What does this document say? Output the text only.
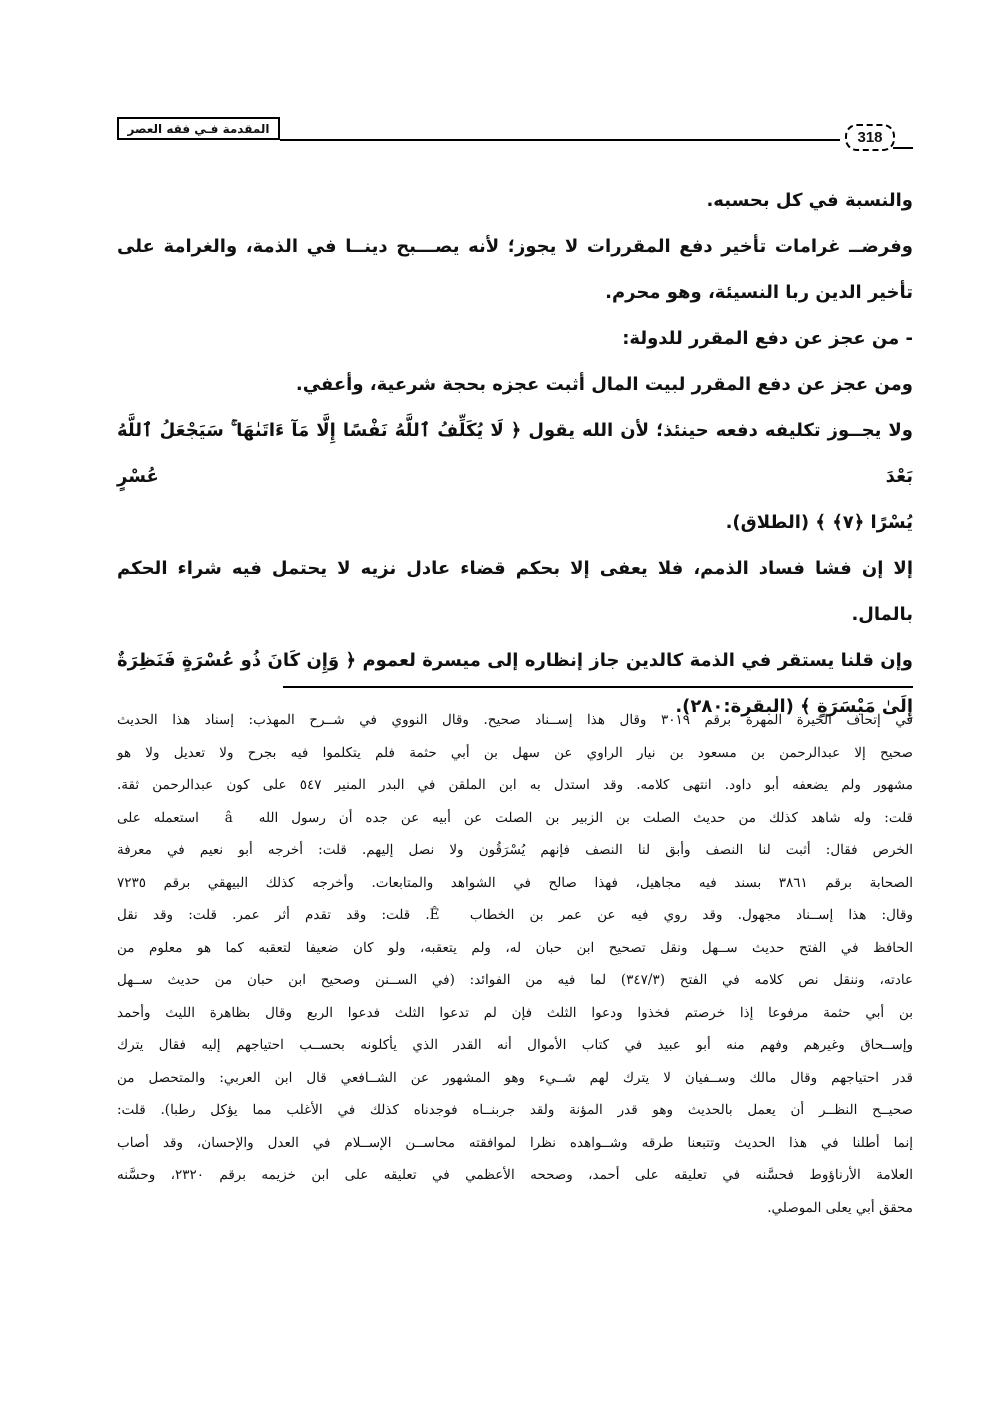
المقدمة فـي فقه العصر	318
والنسبة في كل بحسبه.
وفرضــ غرامات تأخير دفع المقررات لا يجوز؛ لأنه يصـــبح دينــا في الذمة، والغرامة على
تأخير الدين ربا النسيئة، وهو محرم.
- من عجز عن دفع المقرر للدولة:
ومن عجز عن دفع المقرر لبيت المال أثبت عجزه بحجة شرعية، وأعفي.
ولا يجــوز تكليفه دفعه حينئذ؛ لأن الله يقول ﴿ لَا يُكَلِّفُ ٱللَّهُ نَفْسًا إِلَّا مَآ ءَاتَىٰهَا ۚ سَيَجْعَلُ ٱللَّهُ بَعْدَ عُسْرٍ
يُسْرًا ﴿٧﴾ ﴾ (الطلاق).
إلا إن فشا فساد الذمم، فلا يعفى إلا بحكم قضاء عادل نزيه لا يحتمل فيه شراء الحكم بالمال.
وإن قلنا يستقر في الذمة كالدين جاز إنظاره إلى ميسرة لعموم ﴿ وَإِن كَانَ ذُو عُسْرَةٍ فَنَظِرَةٌ
إِلَىٰ مَيْسَرَةٍ ﴾ (البقرة:٢٨٠).
في إتحاف الخيرة المهرة برقم ٣٠١٩ وقال هذا إســناد صحيح. وقال النووي في شــرح المهذب: إسناد هذا الحديث
صحيح إلا عبدالرحمن بن مسعود بن نيار الراوي عن سهل بن أبي حثمة فلم يتكلموا فيه بجرح ولا تعديل ولا هو
مشهور ولم يضعفه أبو داود. انتهى كلامه. وقد استدل به ابن الملقن في البدر المنير ٥٤٧ على كون عبدالرحمن ثقة.
قلت: وله شاهد كذلك من حديث الصلت بن الزبير بن الصلت عن أبيه عن جده أن رسول الله ‏ â ‏ استعمله على
الخرص فقال: أثبت لنا النصف وأبق لنا النصف فإنهم يُسْرَقُون ولا نصل إليهم. قلت: أخرجه أبو نعيم في معرفة
الصحابة برقم ٣٨٦١ بسند فيه مجاهيل، فهذا صالح في الشواهد والمتابعات. وأخرجه كذلك البيهقي برقم ٧٢٣٥
وقال: هذا إســناد مجهول. وقد روي فيه عن عمر بن الخطاب ‏ Ê‏. قلت: وقد تقدم أثر عمر. قلت: وقد نقل
الحافظ في الفتح حديث ســهل ونقل تصحيح ابن حبان له، ولم يتعقبه، ولو كان ضعيفا لتعقبه كما هو معلوم من
عادته، وننقل نص كلامه في الفتح (٣٤٧/٣) لما فيه من الفوائد: (في الســنن وصحيح ابن حبان من حديث ســهل
بن أبي حثمة مرفوعا إذا خرصتم فخذوا ودعوا الثلث فإن لم تدعوا الثلث فدعوا الربع وقال بظاهرة الليث وأحمد
وإســحاق وغيرهم وفهم منه أبو عبيد في كتاب الأموال أنه القدر الذي يأكلونه بحســب احتياجهم إليه فقال يترك
قدر احتياجهم وقال مالك وســفيان لا يترك لهم شــيء وهو المشهور عن الشــافعي قال ابن العربي: والمتحصل من
صحيــح النظــر أن يعمل بالحديث وهو قدر المؤنة ولقد جربنــاه فوجدناه كذلك في الأغلب مما يؤكل رطبا). قلت:
إنما أطلنا في هذا الحديث وتتبعنا طرقه وشــواهده نظرا لموافقته محاســن الإســلام في العدل والإحسان، وقد أصاب
العلامة الأرناؤوط فحسَّنه في تعليقه على أحمد، وصححه الأعظمي في تعليقه على ابن خزيمه برقم ٢٣٢٠، وحسَّنه
محقق أبي يعلى الموصلي.
